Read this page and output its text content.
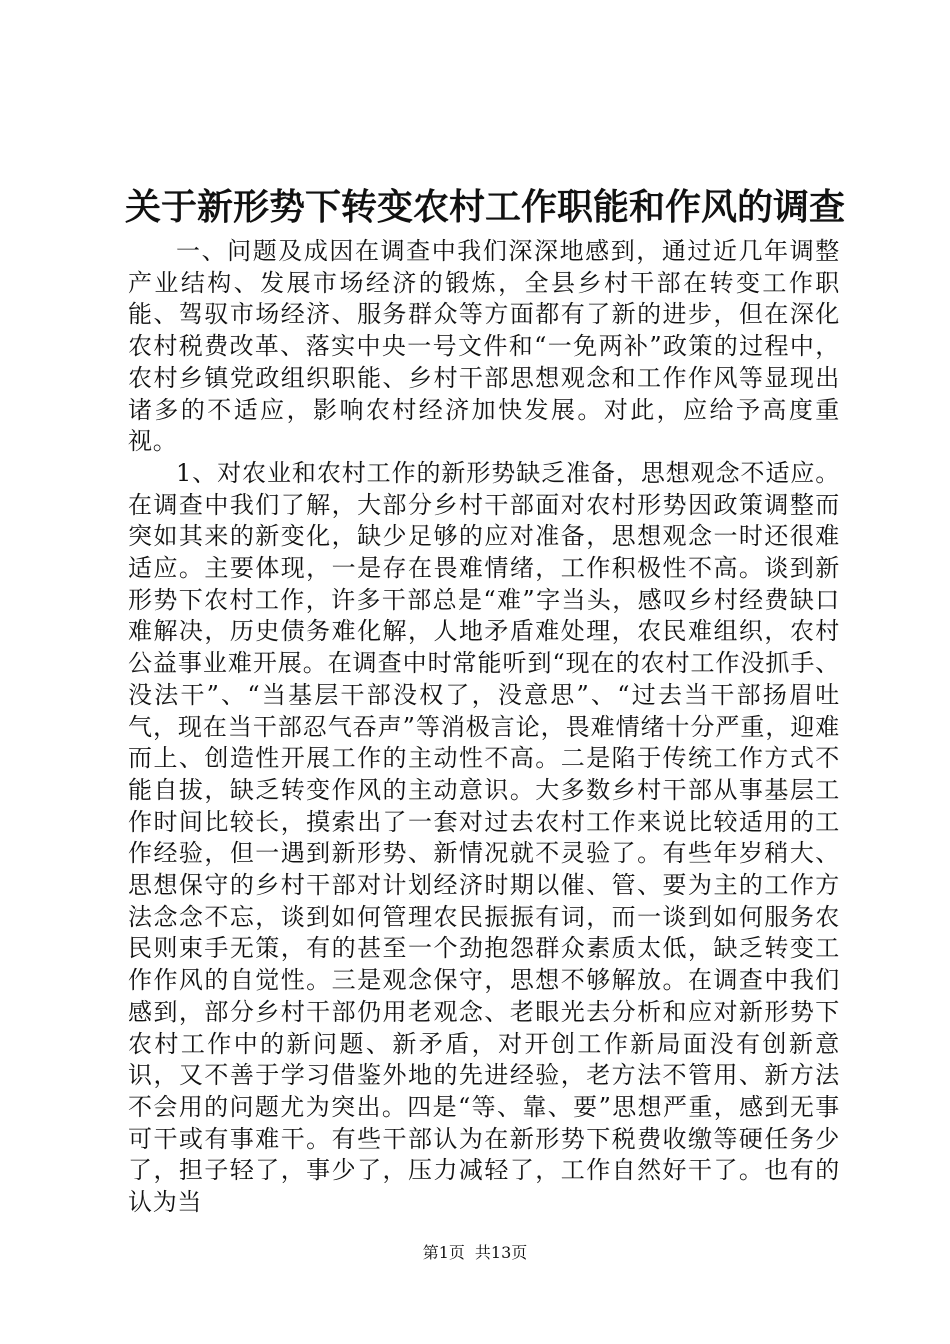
关于新形势下转变农村工作职能和作风的调查

一、问题及成因在调查中我们深深地感到，通过近几年调整产业结构、发展市场经济的锻炼，全县乡村干部在转变工作职能、驾驭市场经济、服务群众等方面都有了新的进步，但在深化农村税费改革、落实中央一号文件和“一免两补”政策的过程中，农村乡镇党政组织职能、乡村干部思想观念和工作作风等显现出诸多的不适应，影响农村经济加快发展。对此，应给予高度重视。

1、对农业和农村工作的新形势缺乏准备，思想观念不适应。在调查中我们了解，大部分乡村干部面对农村形势因政策调整而突如其来的新变化，缺少足够的应对准备，思想观念一时还很难适应。主要体现，一是存在畏难情绪，工作积极性不高。谈到新形势下农村工作，许多干部总是“难”字当头，感叹乡村经费缺口难解决，历史债务难化解，人地矛盾难处理，农民难组织，农村公益事业难开展。在调查中时常能听到“现在的农村工作没抓手、没法干”、“当基层干部没权了，没意思”、“过去当干部扬眉吐气，现在当干部忍气吞声”等消极言论，畏难情绪十分严重，迎难而上、创造性开展工作的主动性不高。二是陷于传统工作方式不能自拔，缺乏转变作风的主动意识。大多数乡村干部从事基层工作时间比较长，摸索出了一套对过去农村工作来说比较适用的工作经验，但一遇到新形势、新情况就不灵验了。有些年岁稍大、思想保守的乡村干部对计划经济时期以催、管、要为主的工作方法念念不忘，谈到如何管理农民振振有词，而一谈到如何服务农民则束手无策，有的甚至一个劲抱怨群众素质太低，缺乏转变工作作风的自觉性。三是观念保守，思想不够解放。在调查中我们感到，部分乡村干部仍用老观念、老眼光去分析和应对新形势下农村工作中的新问题、新矛盾，对开创工作新局面没有创新意识，又不善于学习借鉴外地的先进经验，老方法不管用、新方法不会用的问题尤为突出。四是“等、靠、要”思想严重，感到无事可干或有事难干。有些干部认为在新形势下税费收缴等硬任务少了，担子轻了，事少了，压力减轻了，工作自然好干了。也有的认为当

第1页 共13页
